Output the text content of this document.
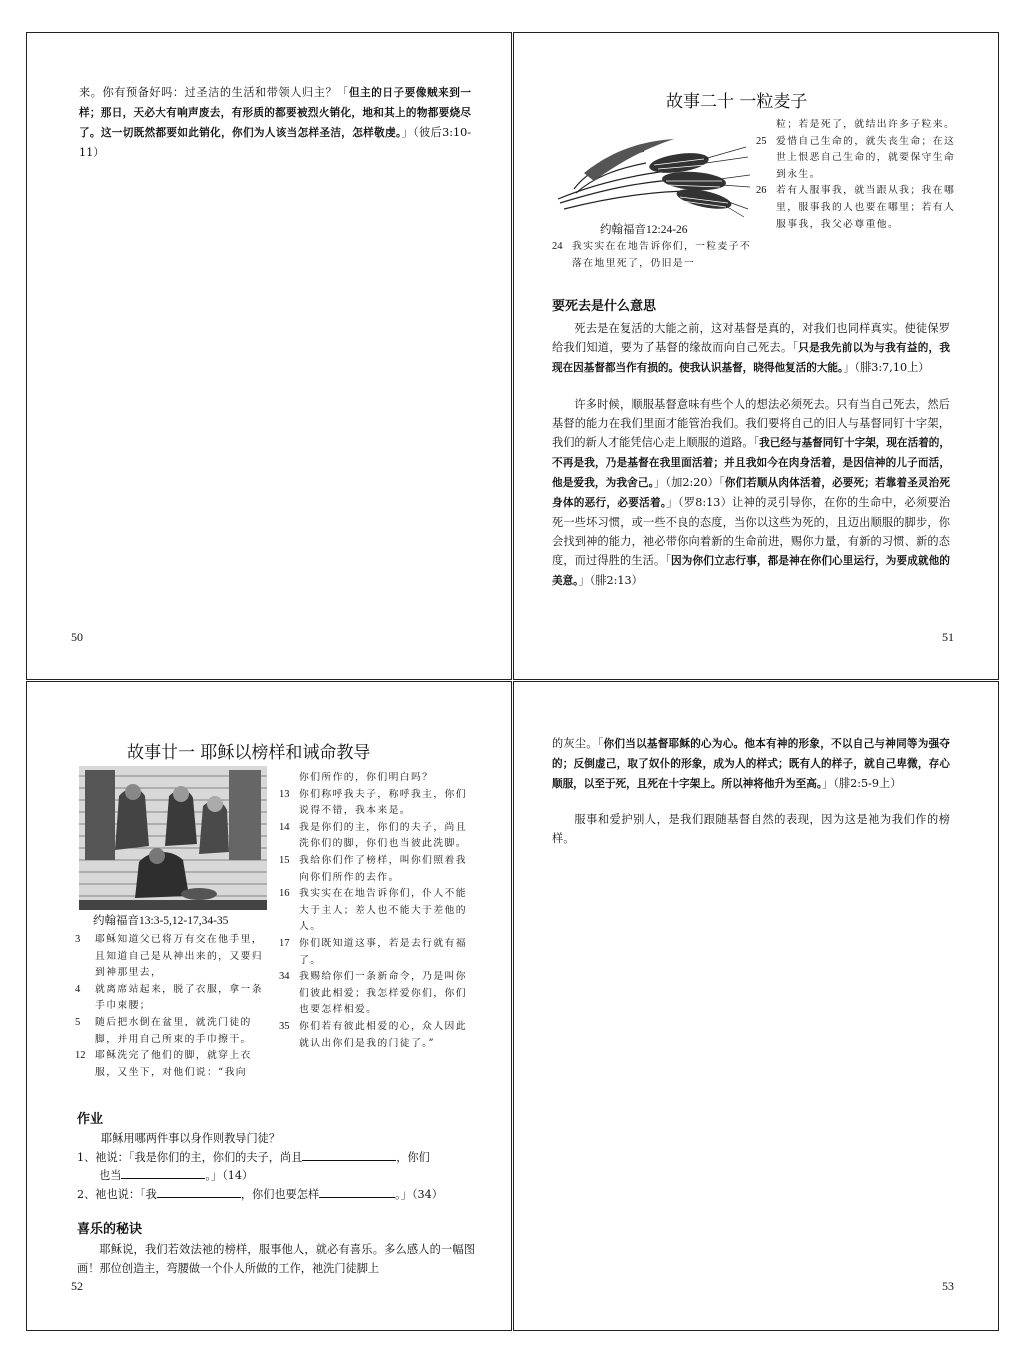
来。你有预备好吗：过圣洁的生活和带领人归主？「但主的日子要像贼来到一样；那日，天必大有响声废去，有形质的都要被烈火销化，地和其上的物都要烧尽了。这一切既然都要如此销化，你们为人该当怎样圣洁，怎样敬虔。」（彼后3:10-11）
50
故事二十 一粒麦子
约翰福音12:24-26
24 我实实在在地告诉你们，一粒麦子不落在地里死了，仍旧是一
粒；若是死了，就结出许多子粒来。
25 爱惜自己生命的，就失丧生命；在这世上恨恶自己生命的，就要保守生命到永生。
26 若有人服事我，就当跟从我；我在哪里，服事我的人也要在哪里；若有人服事我，我父必尊重他。
要死去是什么意思
死去是在复活的大能之前，这对基督是真的，对我们也同样真实。使徒保罗给我们知道，要为了基督的缘故而向自己死去。「只是我先前以为与我有益的，我现在因基督都当作有损的。使我认识基督，晓得他复活的大能。」（腓3:7,10上）
许多时候，顺服基督意味有些个人的想法必须死去。只有当自己死去，然后基督的能力在我们里面才能管治我们。我们要将自己的旧人与基督同钉十字架，我们的新人才能凭信心走上顺服的道路。「我已经与基督同钉十字架，现在活着的，不再是我，乃是基督在我里面活着；并且我如今在肉身活着，是因信神的儿子而活，他是爱我，为我舍己。」（加2:20）「你们若顺从肉体活着，必要死；若靠着圣灵治死身体的恶行，必要活着。」（罗8:13）让神的灵引导你，在你的生命中，必须要治死一些坏习惯，或一些不良的态度，当你以这些为死的，且迈出顺服的脚步，你会找到神的能力，祂必带你向着新的生命前进，赐你力量，有新的习惯、新的态度，而过得胜的生活。「因为你们立志行事，都是神在你们心里运行，为要成就他的美意。」（腓2:13）
51
故事廿一 耶稣以榜样和诫命教导
约翰福音13:3-5,12-17,34-35
3	耶稣知道父已将万有交在他手里，且知道自己是从神出来的，又要归到神那里去，
4	就离席站起来，脱了衣服，拿一条手巾束腰；
5	随后把水倒在盆里，就洗门徒的脚，并用自己所束的手巾擦干。
12 耶稣洗完了他们的脚，就穿上衣服，又坐下，对他们说：“我向
你们所作的，你们明白吗？
13 你们称呼我夫子，称呼我主，你们说得不错，我本来是。
14 我是你们的主，你们的夫子，尚且洗你们的脚，你们也当彼此洗脚。
15 我给你们作了榜样，叫你们照着我向你们所作的去作。
16 我实实在在地告诉你们，仆人不能大于主人；差人也不能大于差他的人。
17 你们既知道这事，若是去行就有福了。
34 我赐给你们一条新命令，乃是叫你们彼此相爱；我怎样爱你们，你们也要怎样相爱。
35 你们若有彼此相爱的心，众人因此就认出你们是我的门徒了。”
作业
耶稣用哪两件事以身作则教导门徒？
1、祂说：「我是你们的主，你们的夫子，尚且	，你们
也当	。」（14）
2、祂也说：「我	，你们也要怎样	。」（34）
喜乐的秘诀
耶稣说，我们若效法祂的榜样，服事他人，就必有喜乐。多么感人的一幅图画！那位创造主，弯腰做一个仆人所做的工作，祂洗门徒脚上
52
的灰尘。「你们当以基督耶稣的心为心。他本有神的形象，不以自己与神同等为强夺的；反倒虚己，取了奴仆的形象，成为人的样式；既有人的样子，就自己卑微，存心顺服，以至于死，且死在十字架上。所以神将他升为至高。」（腓2:5-9上）
服事和爱护别人，是我们跟随基督自然的表现，因为这是祂为我们作的榜样。
53
